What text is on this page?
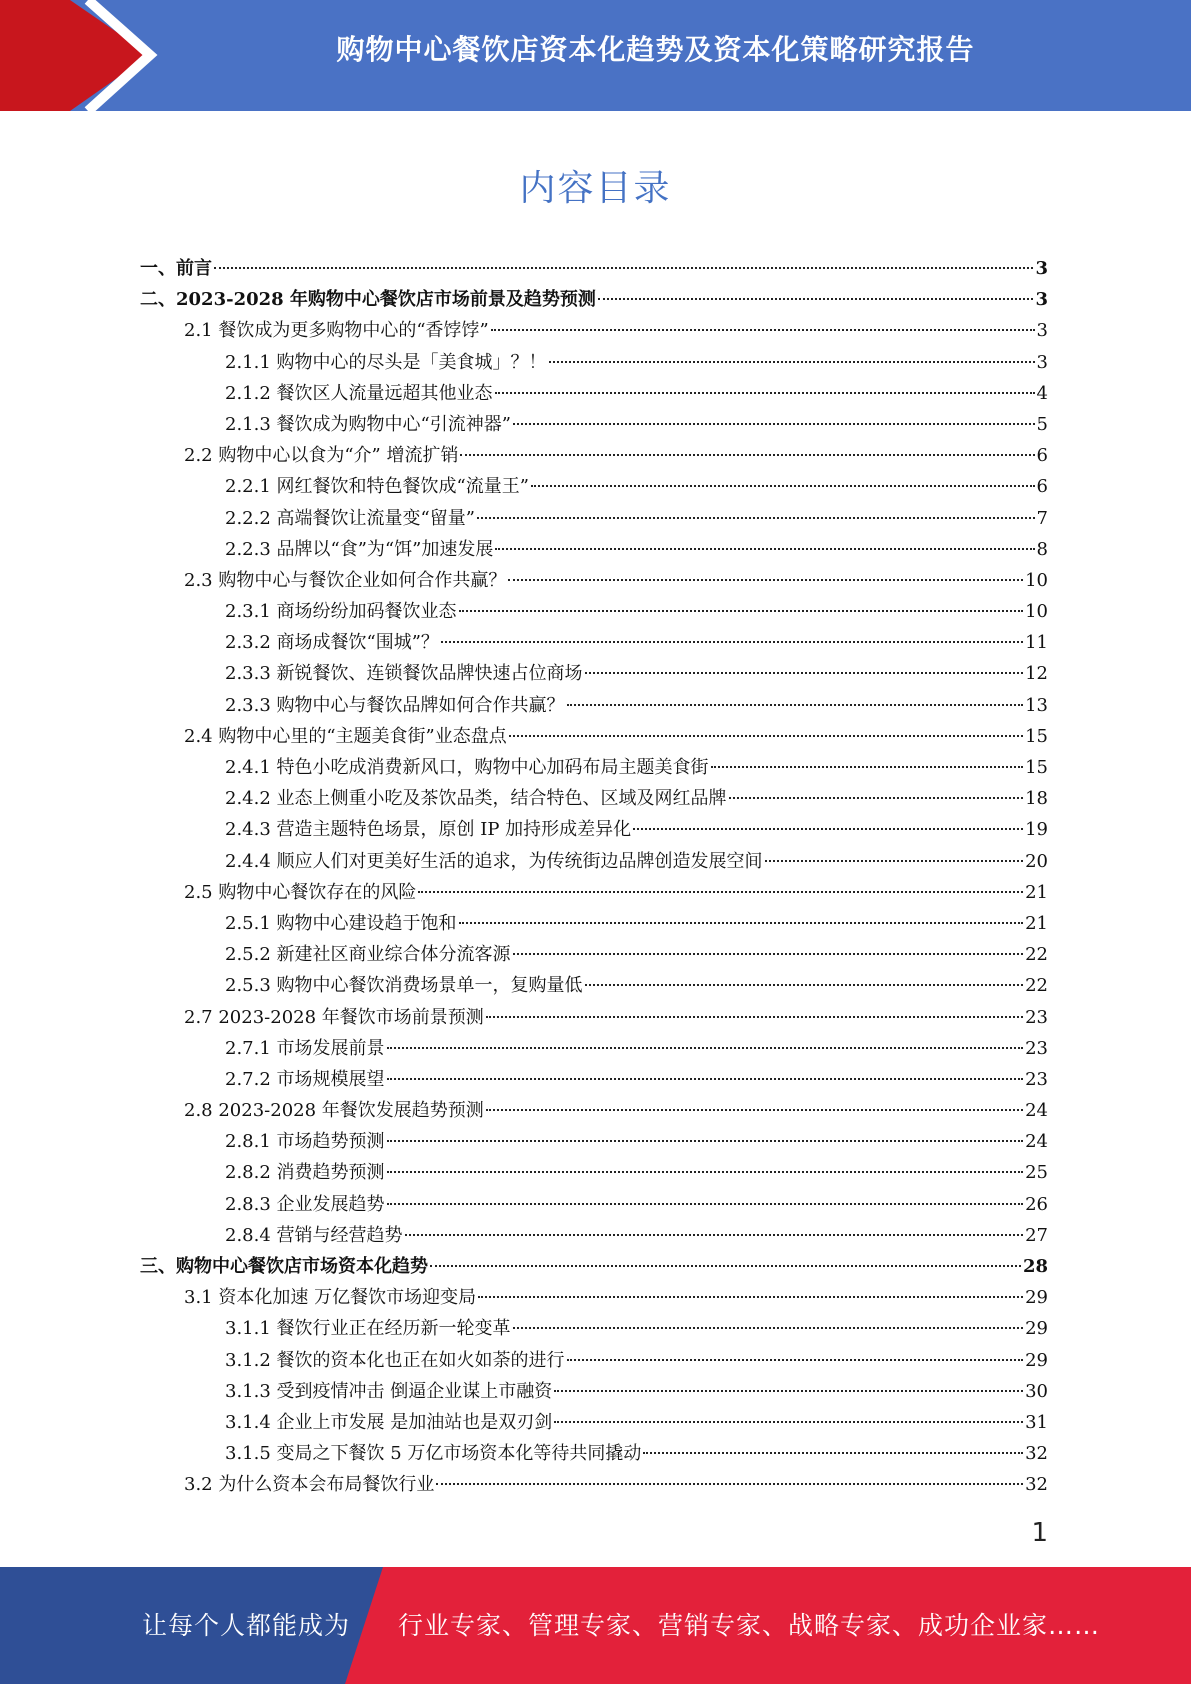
购物中心餐饮店资本化趋势及资本化策略研究报告
内容目录
一、前言	3
二、2023-2028 年购物中心餐饮店市场前景及趋势预测	3
2.1 餐饮成为更多购物中心的“香饽饽”	3
2.1.1 购物中心的尽头是「美食城」？！	3
2.1.2 餐饮区人流量远超其他业态	4
2.1.3 餐饮成为购物中心“引流神器”	5
2.2 购物中心以食为“介” 增流扩销	6
2.2.1 网红餐饮和特色餐饮成“流量王”	6
2.2.2 高端餐饮让流量变“留量”	7
2.2.3 品牌以“食”为“饵”加速发展	8
2.3 购物中心与餐饮企业如何合作共赢？	10
2.3.1 商场纷纷加码餐饮业态	10
2.3.2 商场成餐饮“围城”？	11
2.3.3 新锐餐饮、连锁餐饮品牌快速占位商场	12
2.3.3 购物中心与餐饮品牌如何合作共赢？	13
2.4 购物中心里的“主题美食街”业态盘点	15
2.4.1 特色小吃成消费新风口，购物中心加码布局主题美食街	15
2.4.2 业态上侧重小吃及茶饮品类，结合特色、区域及网红品牌	18
2.4.3 营造主题特色场景，原创 IP 加持形成差异化	19
2.4.4 顺应人们对更美好生活的追求，为传统街边品牌创造发展空间	20
2.5 购物中心餐饮存在的风险	21
2.5.1 购物中心建设趋于饱和	21
2.5.2 新建社区商业综合体分流客源	22
2.5.3 购物中心餐饮消费场景单一，复购量低	22
2.7 2023-2028 年餐饮市场前景预测	23
2.7.1 市场发展前景	23
2.7.2 市场规模展望	23
2.8 2023-2028 年餐饮发展趋势预测	24
2.8.1 市场趋势预测	24
2.8.2 消费趋势预测	25
2.8.3 企业发展趋势	26
2.8.4 营销与经营趋势	27
三、购物中心餐饮店市场资本化趋势	28
3.1 资本化加速 万亿餐饮市场迎变局	29
3.1.1 餐饮行业正在经历新一轮变革	29
3.1.2 餐饮的资本化也正在如火如荼的进行	29
3.1.3 受到疫情冲击 倒逼企业谋上市融资	30
3.1.4 企业上市发展 是加油站也是双刃剑	31
3.1.5 变局之下餐饮 5 万亿市场资本化等待共同撬动	32
3.2 为什么资本会布局餐饮行业	32
1
让每个人都能成为 行业专家、管理专家、营销专家、战略专家、成功企业家……
